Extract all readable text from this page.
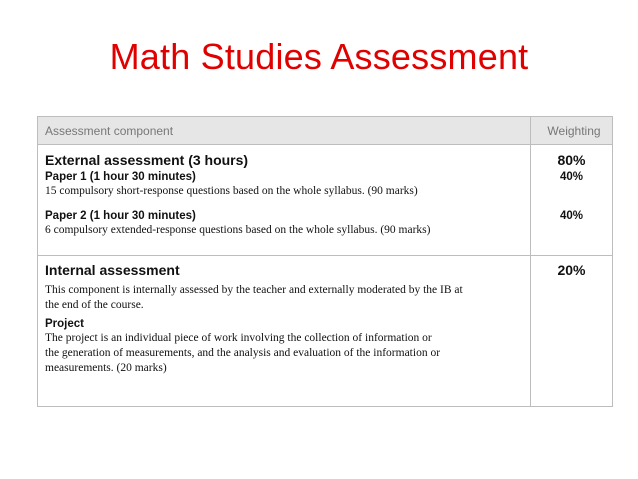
Math Studies Assessment
Assessment component	Weighting
External assessment (3 hours)
Paper 1 (1 hour 30 minutes)
15 compulsory short-response questions based on the whole syllabus. (90 marks)
Paper 2 (1 hour 30 minutes)
6 compulsory extended-response questions based on the whole syllabus. (90 marks)
80%
40%
40%
Internal assessment
This component is internally assessed by the teacher and externally moderated by the IB at
the end of the course.
Project
The project is an individual piece of work involving the collection of information or
the generation of measurements, and the analysis and evaluation of the information or
measurements. (20 marks)
20%
